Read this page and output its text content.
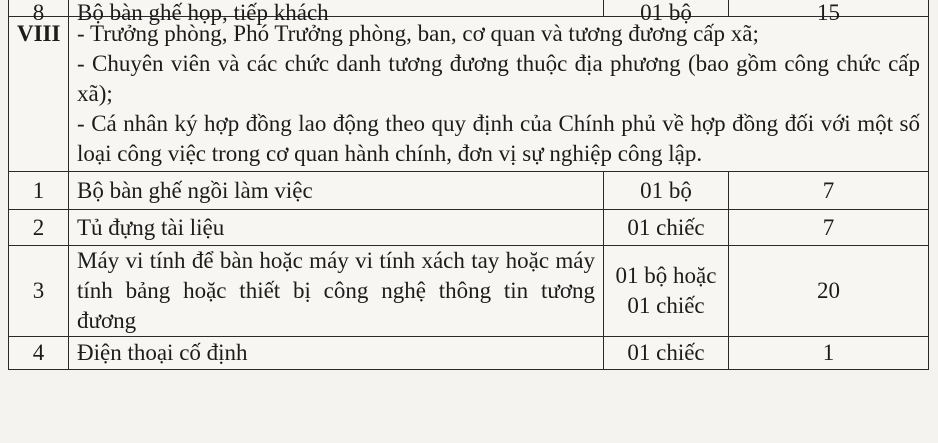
8	Bộ bàn ghế họp, tiếp khách	01 bộ	15

VIII	- Trưởng phòng, Phó Trưởng phòng, ban, cơ quan và tương đương cấp xã;

- Chuyên viên và các chức danh tương đương thuộc địa phương (bao gồm công chức cấp xã);

- Cá nhân ký hợp đồng lao động theo quy định của Chính phủ về hợp đồng đối với một số loại công việc trong cơ quan hành chính, đơn vị sự nghiệp công lập.		

1	Bộ bàn ghế ngồi làm việc	01 bộ	7
2	Tủ đựng tài liệu	01 chiếc	7
3	Máy vi tính để bàn hoặc máy vi tính xách tay hoặc máy tính bảng hoặc thiết bị công nghệ thông tin tương đương	01 bộ hoặc 01 chiếc	20
4	Điện thoại cố định	01 chiếc	1
